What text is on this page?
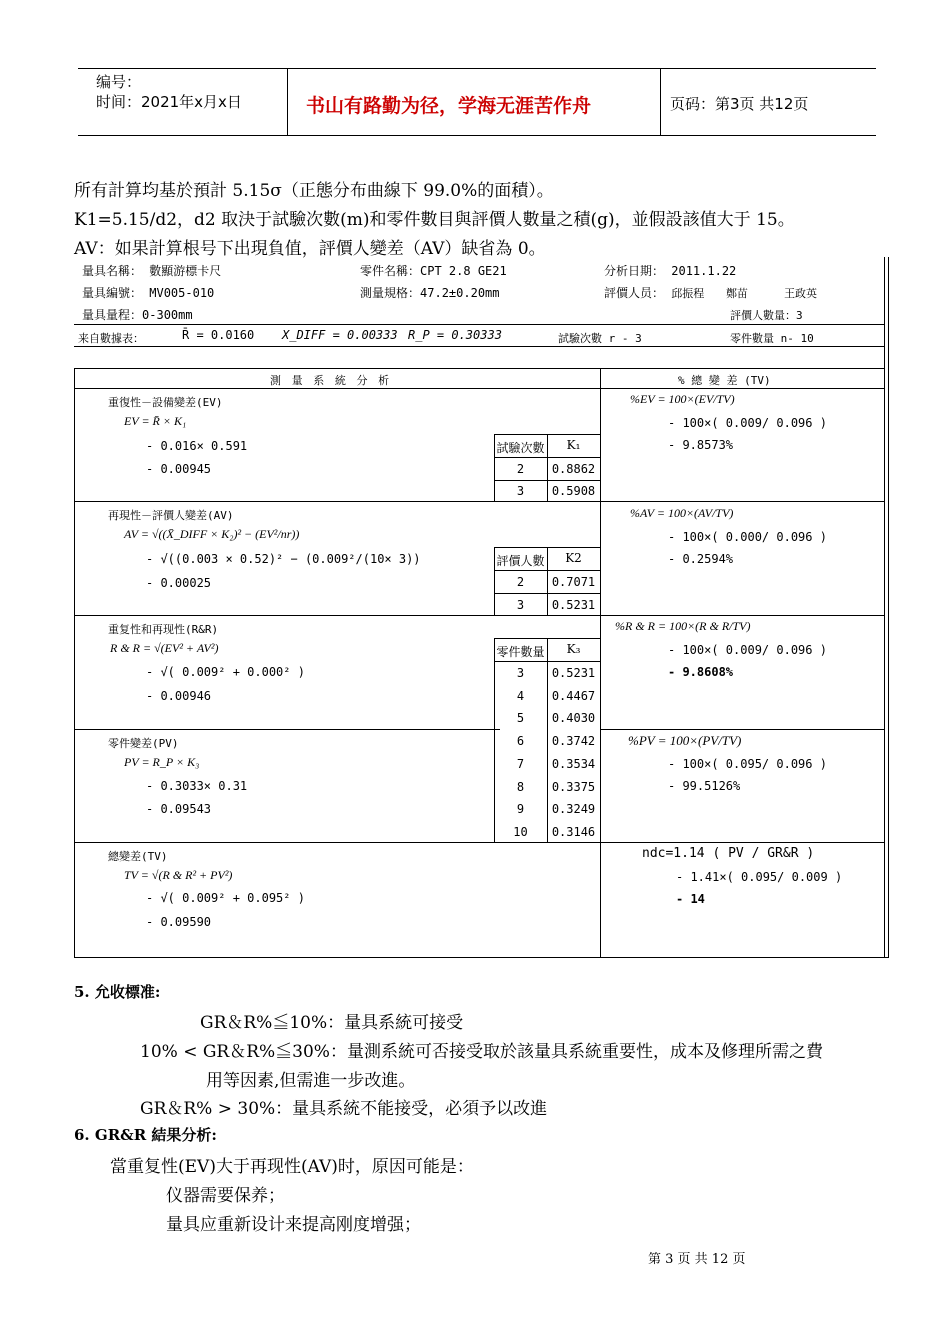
编号：
时间：2021年x月x日	书山有路勤为径，学海无涯苦作舟	页码：第3页 共12页
所有計算均基於預計 5.15σ（正態分布曲線下 99.0%的面積）。
K1=5.15/d2，d2 取決于試驗次數(m)和零件數目與評價人數量之積(g)，並假設該值大于 15。
AV：如果計算根号下出現負值，評價人變差（AV）缺省為 0。
量具名稱： 數顯游標卡尺	零件名稱：CPT 2.8 GE21	分析日期： 2011.1.22
量具編號： MV005-010	測量規格：47.2±0.20mm	評價人员： 邱振程 鄭苗	王政英
量具量程：0-300mm	評價人數量：3
来自數據表：	R̄ = 0.0160 X_DIFF = 0.00333 R_P = 0.30333	試驗次數 r - 3	零件數量 n- 10
測 量 系 統 分 析	% 總 變 差 (TV)
重復性－設備變差(EV)
EV = R̄ × K₁
- 0.016× 0.591
- 0.00945
%EV = 100×(EV/TV)
- 100×( 0.009/ 0.096 )
- 9.8573%
試驗次數	K₁
2	0.8862
3	0.5908
再現性－評價人變差(AV)
AV = √((X̄_DIFF × K₂)² − (EV²/nr))
- √((0.003 × 0.52)² − (0.009²/(10× 3))
- 0.00025
%AV = 100×(AV/TV)
- 100×( 0.000/ 0.096 )
- 0.2594%
評價人數	K2
2	0.7071
3	0.5231
重复性和再现性(R&R)
R & R = √(EV² + AV²)
- √( 0.009² + 0.000² )
- 0.00946
%R & R = 100×(R & R/TV)
- 100×( 0.009/ 0.096 )
- 9.8608%
零件數量	K₃
3	0.5231
4	0.4467
5	0.4030
6	0.3742
7	0.3534
8	0.3375
9	0.3249
10	0.3146
零件變差(PV)
PV = R_P × K₃
- 0.3033× 0.31
- 0.09543
%PV = 100×(PV/TV)
- 100×( 0.095/ 0.096 )
- 99.5126%
總變差(TV)
TV = √(R & R² + PV²)
- √( 0.009² + 0.095² )
- 0.09590
ndc=1.14 ( PV / GR&R )
- 1.41×( 0.095/ 0.009 )
- 14
5. 允收標准:
GR＆R%≦10%：量具系統可接受
10% < GR＆R%≦30%：量測系統可否接受取於該量具系統重要性，成本及修理所需之費
用等因素,但需進一步改進。
GR＆R% > 30%：量具系統不能接受，必須予以改進
6. GR&R 結果分析:
當重复性(EV)大于再现性(AV)时，原因可能是：
仪器需要保养；
量具应重新设计来提高刚度增强；
第 3 页 共 12 页
